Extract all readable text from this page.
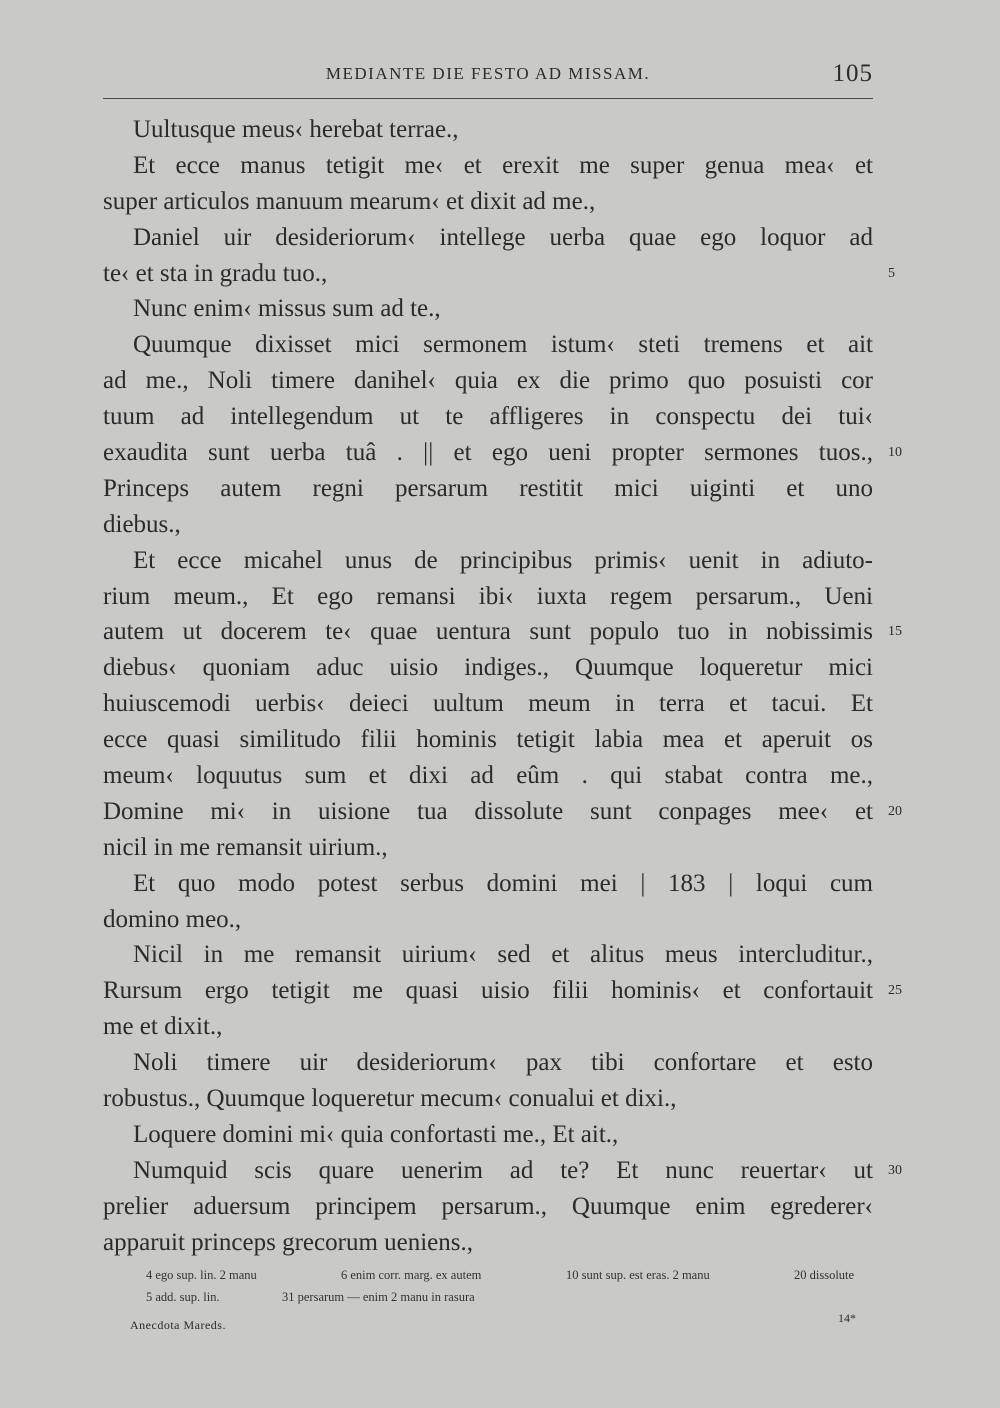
MEDIANTE DIE FESTO AD MISSAM.	105
Uultusque meus‹ herebat terrae.,
Et ecce manus tetigit me‹ et erexit me super genua mea‹ et
super articulos manuum mearum‹ et dixit ad me.,
Daniel uir desideriorum‹ intellege uerba quae ego loquor ad
te‹ et sta in gradu tuo.,	5
Nunc enim‹ missus sum ad te.,
Quumque dixisset mici sermonem istum‹ steti tremens et ait
ad me., Noli timere danihel‹ quia ex die primo quo posuisti cor
tuum ad intellegendum ut te affligeres in conspectu dei tui‹
exaudita sunt uerba tuâ . || et ego ueni propter sermones tuos., 10
Princeps autem regni persarum restitit mici uiginti et uno
diebus.,
Et ecce micahel unus de principibus primis‹ uenit in adiuto-
rium meum., Et ego remansi ibi‹ iuxta regem persarum., Ueni
autem ut docerem te‹ quae uentura sunt populo tuo in nobissimis 15
diebus‹ quoniam aduc uisio indiges., Quumque loqueretur mici
huiuscemodi uerbis‹ deieci uultum meum in terra et tacui. Et
ecce quasi similitudo filii hominis tetigit labia mea et aperuit os
meum‹ loquutus sum et dixi ad eûm . qui stabat contra me.,
Domine mi‹ in uisione tua dissolute sunt conpages mee‹ et 20
nicil in me remansit uirium.,
Et quo modo potest serbus domini mei | 183 | loqui cum
domino meo.,
Nicil in me remansit uirium‹ sed et alitus meus intercluditur.,
Rursum ergo tetigit me quasi uisio filii hominis‹ et confortauit 25
me et dixit.,
Noli timere uir desideriorum‹ pax tibi confortare et esto
robustus., Quumque loqueretur mecum‹ conualui et dixi.,
Loquere domini mi‹ quia confortasti me., Et ait.,
Numquid scis quare uenerim ad te? Et nunc reuertar‹ ut 30
prelier aduersum principem persarum., Quumque enim egrederer‹
apparuit princeps grecorum ueniens.,
4 ego sup. lin. 2 manu	6 enim corr. marg. ex autem	10 sunt sup. est eras. 2 manu	20 dissolute
5 add. sup. lin.	31 persarum — enim 2 manu in rasura
Anecdota Mareds.	14*
